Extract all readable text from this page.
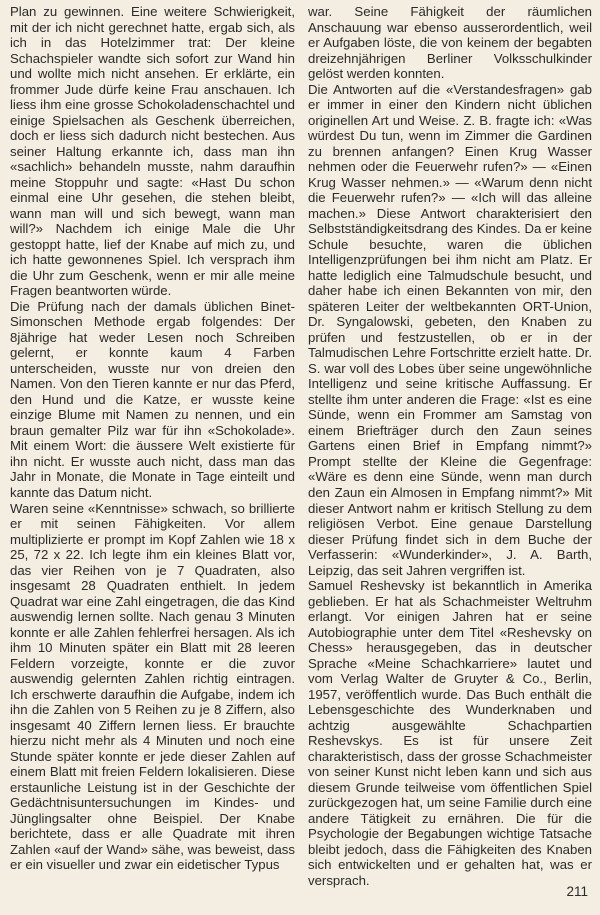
Plan zu gewinnen. Eine weitere Schwierigkeit, mit der ich nicht gerechnet hatte, ergab sich, als ich in das Hotelzimmer trat: Der kleine Schachspieler wandte sich sofort zur Wand hin und wollte mich nicht ansehen. Er erklärte, ein frommer Jude dürfe keine Frau anschauen. Ich liess ihm eine grosse Schokoladenschachtel und einige Spielsachen als Geschenk überreichen, doch er liess sich dadurch nicht bestechen. Aus seiner Haltung erkannte ich, dass man ihn «sachlich» behandeln musste, nahm daraufhin meine Stoppuhr und sagte: «Hast Du schon einmal eine Uhr gesehen, die stehen bleibt, wann man will und sich bewegt, wann man will?» Nachdem ich einige Male die Uhr gestoppt hatte, lief der Knabe auf mich zu, und ich hatte gewonnenes Spiel. Ich versprach ihm die Uhr zum Geschenk, wenn er mir alle meine Fragen beantworten würde.

Die Prüfung nach der damals üblichen Binet-Simonschen Methode ergab folgendes: Der 8jährige hat weder Lesen noch Schreiben gelernt, er konnte kaum 4 Farben unterscheiden, wusste nur von dreien den Namen. Von den Tieren kannte er nur das Pferd, den Hund und die Katze, er wusste keine einzige Blume mit Namen zu nennen, und ein braun gemalter Pilz war für ihn «Schokolade». Mit einem Wort: die äussere Welt existierte für ihn nicht. Er wusste auch nicht, dass man das Jahr in Monate, die Monate in Tage einteilt und kannte das Datum nicht.

Waren seine «Kenntnisse» schwach, so brillierte er mit seinen Fähigkeiten. Vor allem multiplizierte er prompt im Kopf Zahlen wie 18 x 25, 72 x 22. Ich legte ihm ein kleines Blatt vor, das vier Reihen von je 7 Quadraten, also insgesamt 28 Quadraten enthielt. In jedem Quadrat war eine Zahl eingetragen, die das Kind auswendig lernen sollte. Nach genau 3 Minuten konnte er alle Zahlen fehlerfrei hersagen. Als ich ihm 10 Minuten später ein Blatt mit 28 leeren Feldern vorzeigte, konnte er die zuvor auswendig gelernten Zahlen richtig eintragen. Ich erschwerte daraufhin die Aufgabe, indem ich ihn die Zahlen von 5 Reihen zu je 8 Ziffern, also insgesamt 40 Ziffern lernen liess. Er brauchte hierzu nicht mehr als 4 Minuten und noch eine Stunde später konnte er jede dieser Zahlen auf einem Blatt mit freien Feldern lokalisieren. Diese erstaunliche Leistung ist in der Geschichte der Gedächtnisuntersuchungen im Kindes- und Jünglingsalter ohne Beispiel. Der Knabe berichtete, dass er alle Quadrate mit ihren Zahlen «auf der Wand» sähe, was beweist, dass er ein visueller und zwar ein eidetischer Typus

war. Seine Fähigkeit der räumlichen Anschauung war ebenso ausserordentlich, weil er Aufgaben löste, die von keinem der begabten dreizehnjährigen Berliner Volksschulkinder gelöst werden konnten.

Die Antworten auf die «Verstandesfragen» gab er immer in einer den Kindern nicht üblichen originellen Art und Weise. Z. B. fragte ich: «Was würdest Du tun, wenn im Zimmer die Gardinen zu brennen anfangen? Einen Krug Wasser nehmen oder die Feuerwehr rufen?» — «Einen Krug Wasser nehmen.» — «Warum denn nicht die Feuerwehr rufen?» — «Ich will das alleine machen.» Diese Antwort charakterisiert den Selbstständigkeitsdrang des Kindes. Da er keine Schule besuchte, waren die üblichen Intelligenzprüfungen bei ihm nicht am Platz. Er hatte lediglich eine Talmudschule besucht, und daher habe ich einen Bekannten von mir, den späteren Leiter der weltbekannten ORT-Union, Dr. Syngalowski, gebeten, den Knaben zu prüfen und festzustellen, ob er in der Talmudischen Lehre Fortschritte erzielt hatte. Dr. S. war voll des Lobes über seine ungewöhnliche Intelligenz und seine kritische Auffassung. Er stellte ihm unter anderen die Frage: «Ist es eine Sünde, wenn ein Frommer am Samstag von einem Briefträger durch den Zaun seines Gartens einen Brief in Empfang nimmt?» Prompt stellte der Kleine die Gegenfrage: «Wäre es denn eine Sünde, wenn man durch den Zaun ein Almosen in Empfang nimmt?» Mit dieser Antwort nahm er kritisch Stellung zu dem religiösen Verbot. Eine genaue Darstellung dieser Prüfung findet sich in dem Buche der Verfasserin: «Wunderkinder», J. A. Barth, Leipzig, das seit Jahren vergriffen ist.

Samuel Reshevsky ist bekanntlich in Amerika geblieben. Er hat als Schachmeister Weltruhm erlangt. Vor einigen Jahren hat er seine Autobiographie unter dem Titel «Reshevsky on Chess» herausgegeben, das in deutscher Sprache «Meine Schachkarriere» lautet und vom Verlag Walter de Gruyter & Co., Berlin, 1957, veröffentlich wurde. Das Buch enthält die Lebensgeschichte des Wunderknaben und achtzig ausgewählte Schachpartien Reshevskys. Es ist für unsere Zeit charakteristisch, dass der grosse Schachmeister von seiner Kunst nicht leben kann und sich aus diesem Grunde teilweise vom öffentlichen Spiel zurückgezogen hat, um seine Familie durch eine andere Tätigkeit zu ernähren. Die für die Psychologie der Begabungen wichtige Tatsache bleibt jedoch, dass die Fähigkeiten des Knaben sich entwickelten und er gehalten hat, was er versprach.

211
